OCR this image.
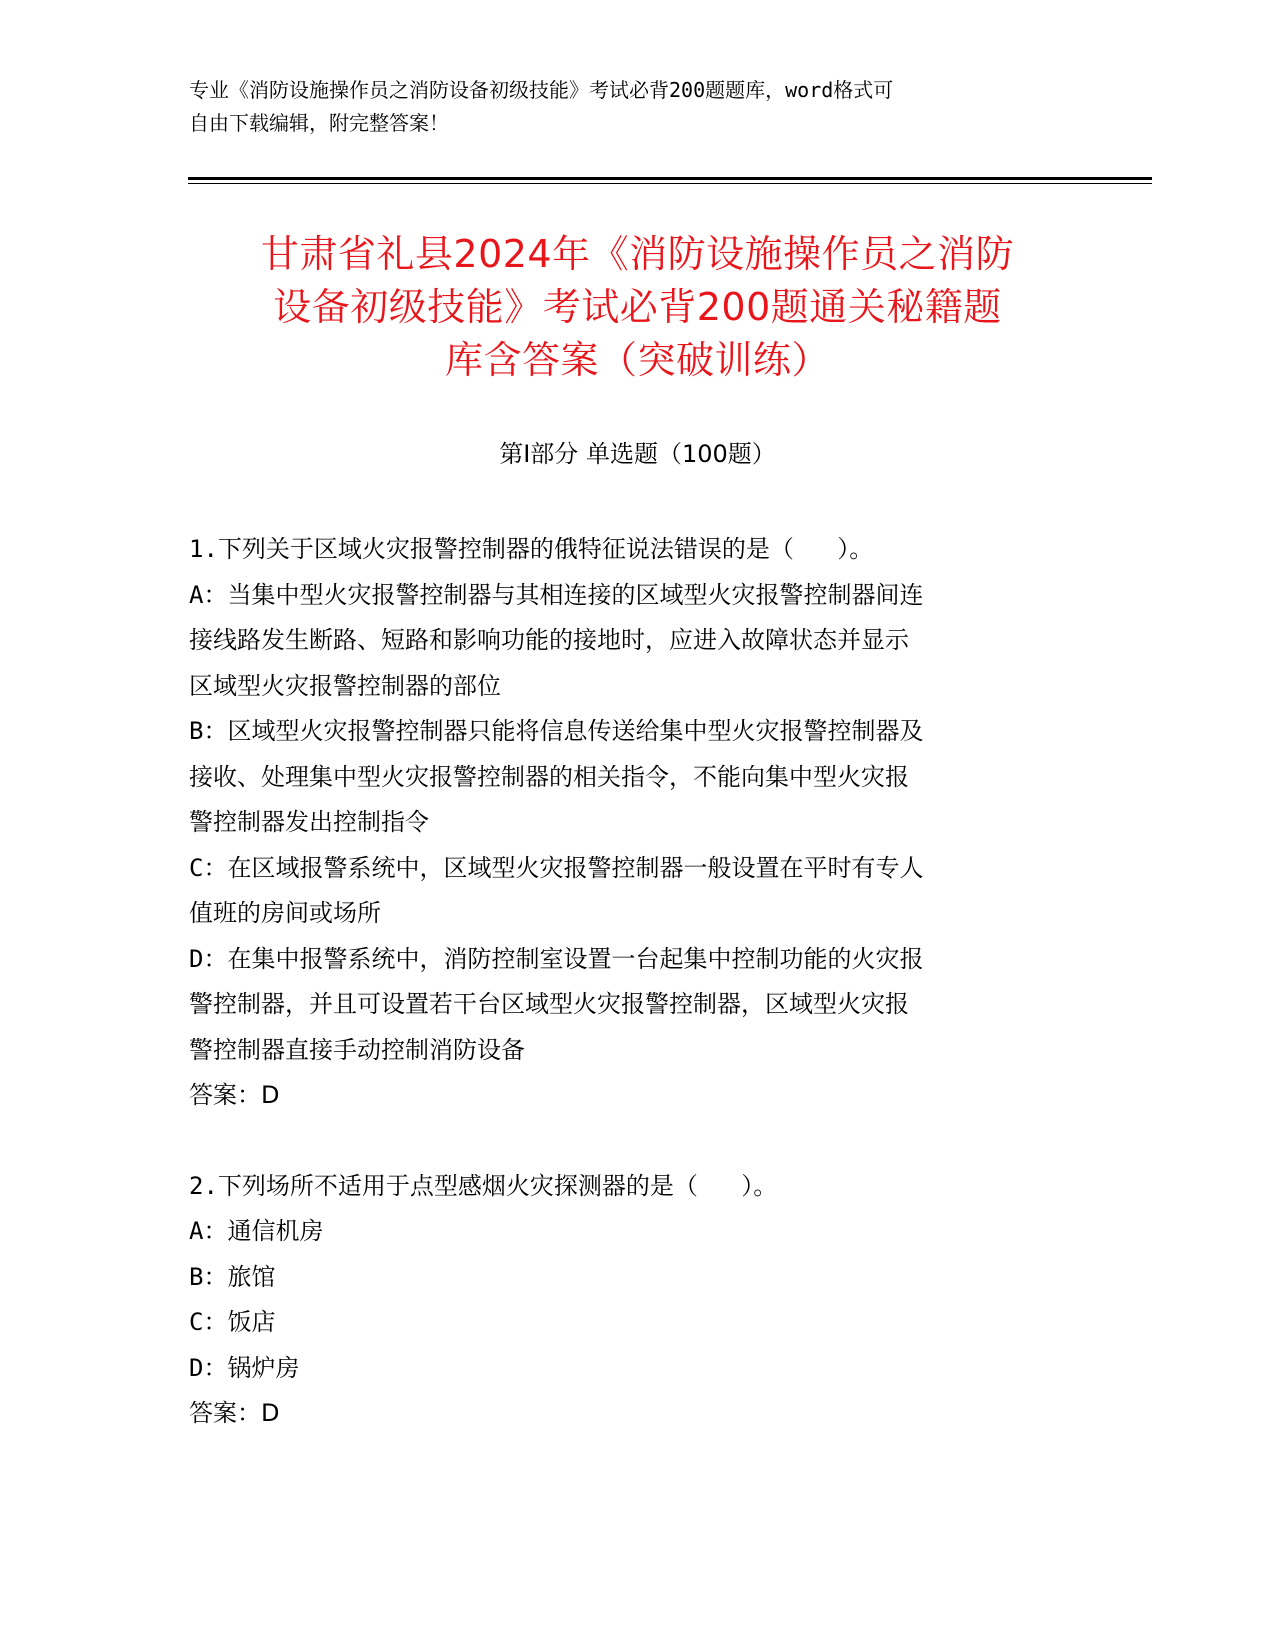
专业《消防设施操作员之消防设备初级技能》考试必背200题题库，word格式可
自由下载编辑，附完整答案！
甘肃省礼县2024年《消防设施操作员之消防
设备初级技能》考试必背200题通关秘籍题
库含答案（突破训练）
第Ⅰ部分 单选题（100题）
1.下列关于区域火灾报警控制器的俄特征说法错误的是（   ）。
A：当集中型火灾报警控制器与其相连接的区域型火灾报警控制器间连
接线路发生断路、短路和影响功能的接地时，应进入故障状态并显示
区域型火灾报警控制器的部位
B：区域型火灾报警控制器只能将信息传送给集中型火灾报警控制器及
接收、处理集中型火灾报警控制器的相关指令，不能向集中型火灾报
警控制器发出控制指令
C：在区域报警系统中，区域型火灾报警控制器一般设置在平时有专人
值班的房间或场所
D：在集中报警系统中，消防控制室设置一台起集中控制功能的火灾报
警控制器，并且可设置若干台区域型火灾报警控制器，区域型火灾报
警控制器直接手动控制消防设备
答案：D
2.下列场所不适用于点型感烟火灾探测器的是（   ）。
A：通信机房
B：旅馆
C：饭店
D：锅炉房
答案：D
